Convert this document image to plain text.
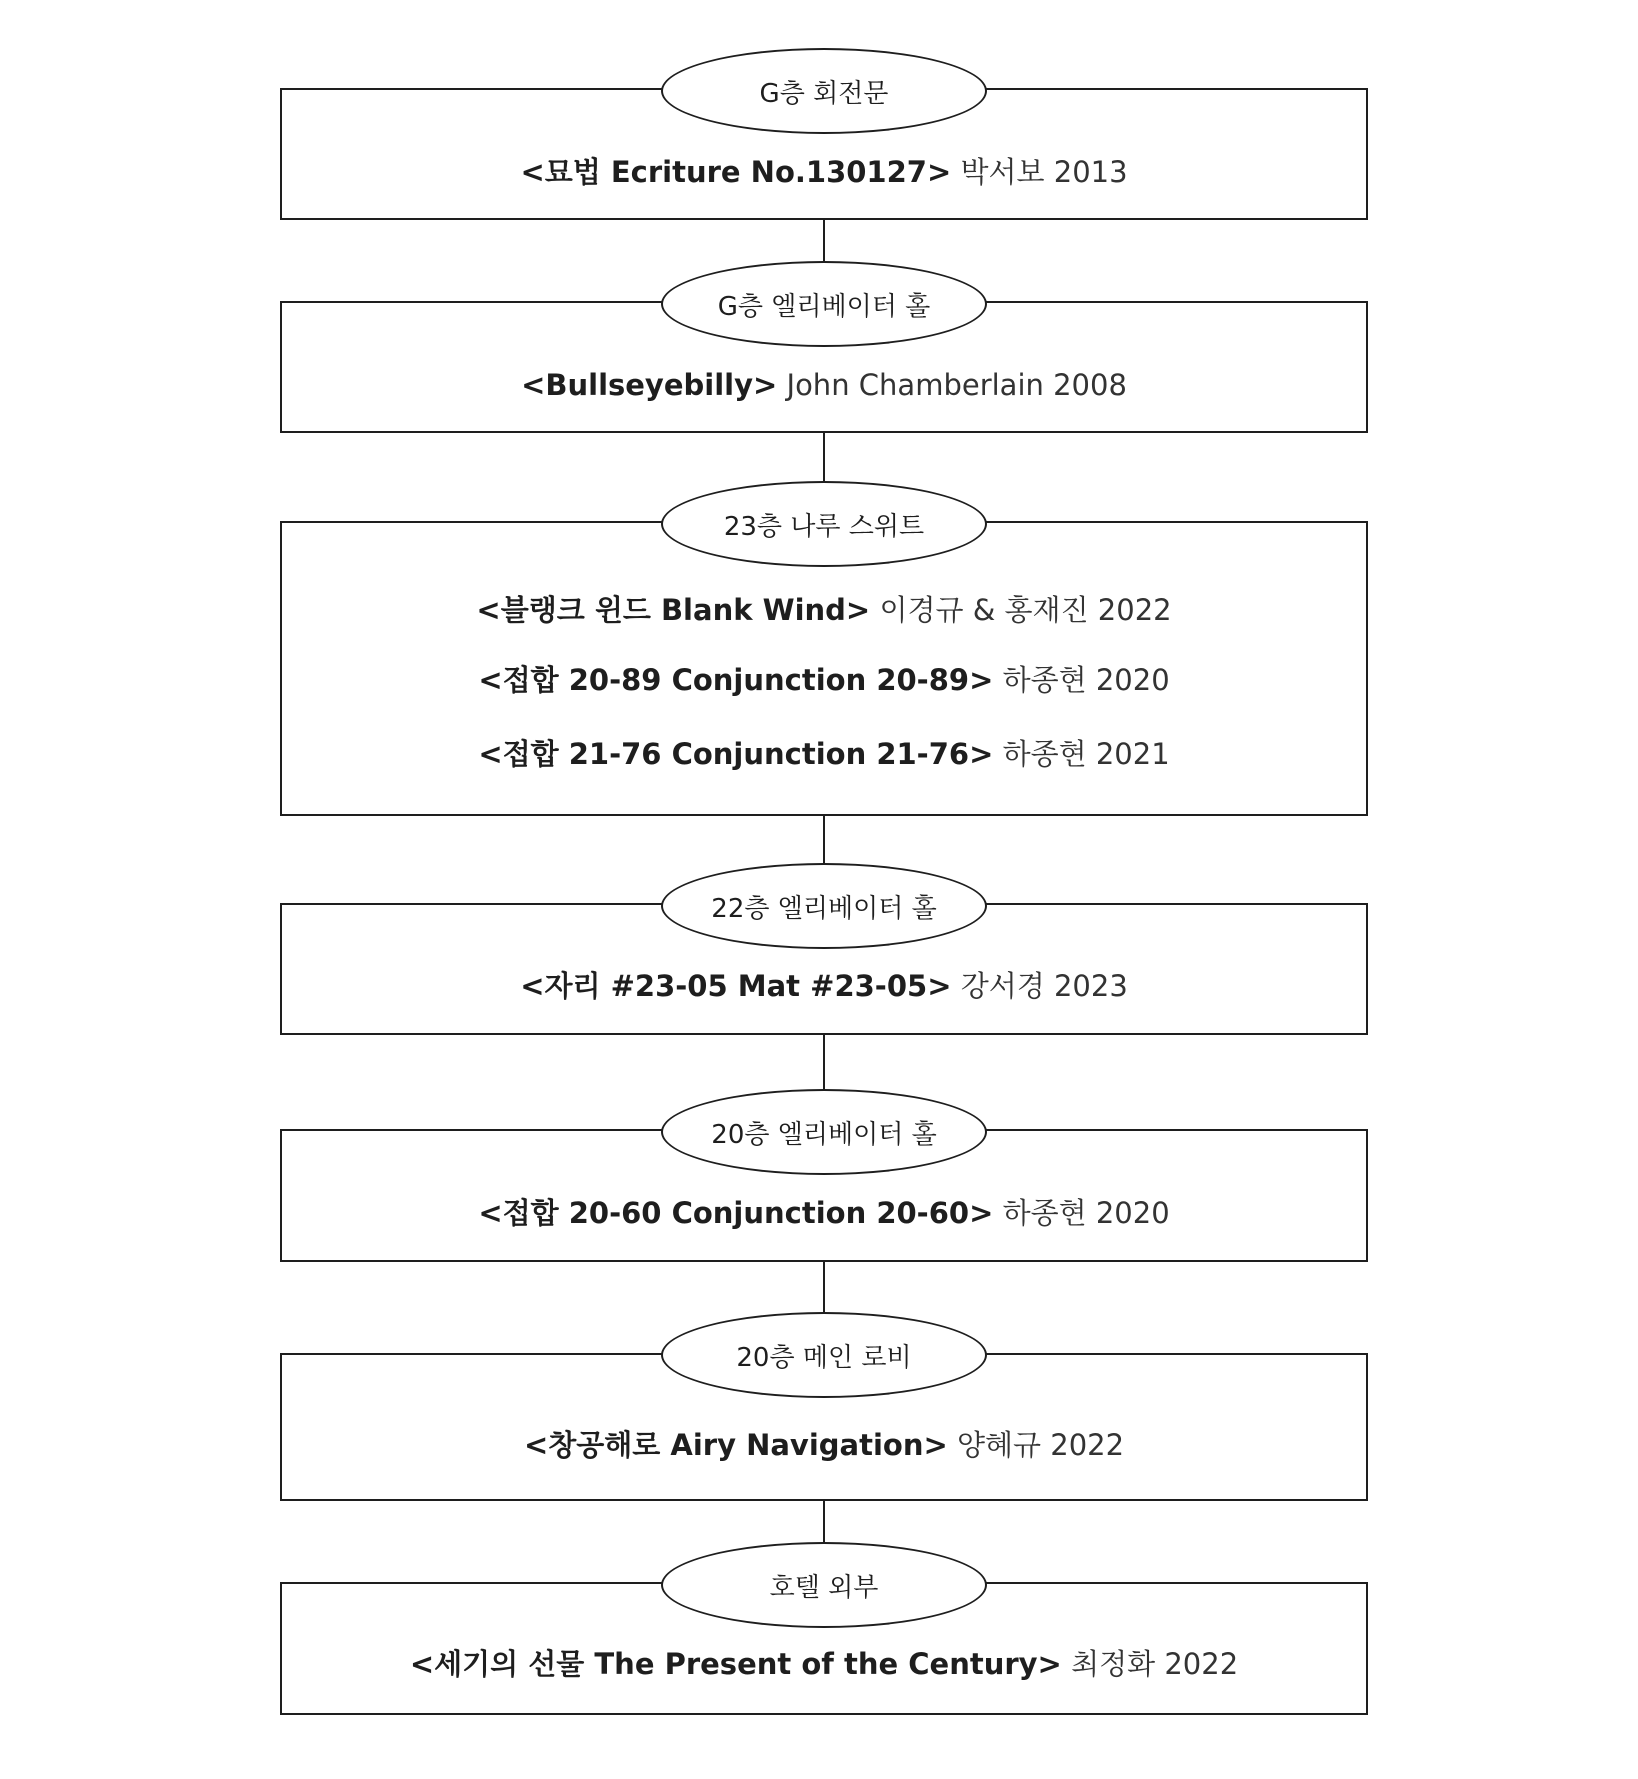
G층 회전문
<묘법 Ecriture No.130127> 박서보 2013
G층 엘리베이터 홀
<Bullseyebilly> John Chamberlain 2008
23층 나루 스위트
<블랭크 윈드 Blank Wind> 이경규 & 홍재진 2022
<접합 20-89 Conjunction 20-89> 하종현 2020
<접합 21-76 Conjunction 21-76> 하종현 2021
22층 엘리베이터 홀
<자리 #23-05 Mat #23-05> 강서경 2023
20층 엘리베이터 홀
<접합 20-60 Conjunction 20-60> 하종현 2020
20층 메인 로비
<창공해로 Airy Navigation> 양혜규 2022
호텔 외부
<세기의 선물 The Present of the Century> 최정화 2022
